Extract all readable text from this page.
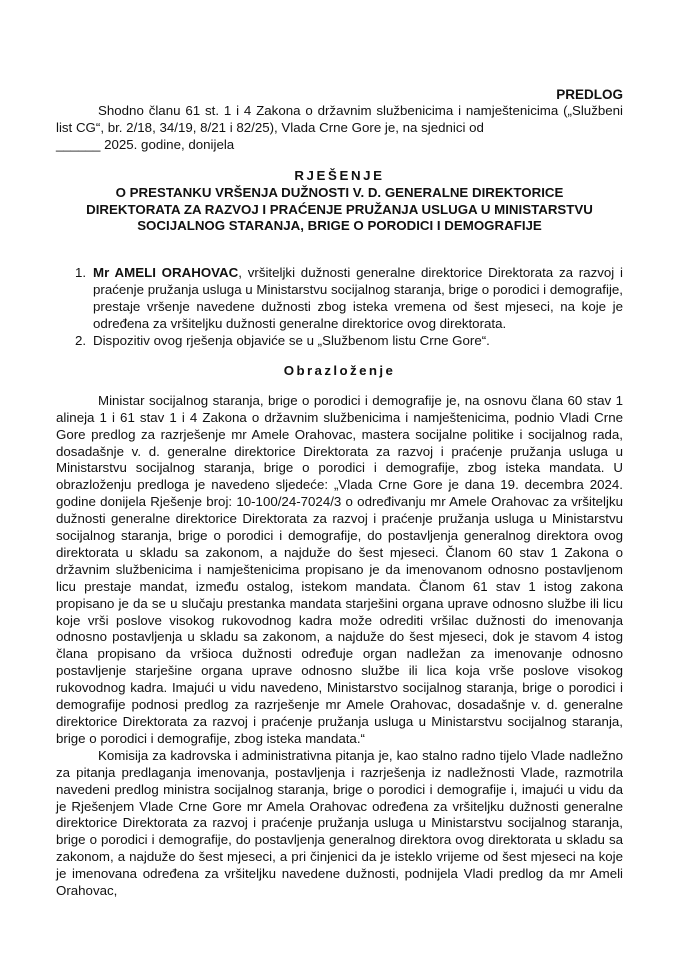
PREDLOG

Shodno članu 61 st. 1 i 4 Zakona o državnim službenicima i namještenicima („Službeni list CG“, br. 2/18, 34/19, 8/21 i 82/25), Vlada Crne Gore je, na sjednici od
______ 2025. godine, donijela

RJEŠENJE

O PRESTANKU VRŠENJA DUŽNOSTI V. D. GENERALNE DIREKTORICE

DIREKTORATA ZA RAZVOJ I PRAĆENJE PRUŽANJA USLUGA U MINISTARSTVU

SOCIJALNOG STARANJA, BRIGE O PORODICI I DEMOGRAFIJE

1. Mr AMELI ORAHOVAC, vršiteljki dužnosti generalne direktorice Direktorata za razvoj i praćenje pružanja usluga u Ministarstvu socijalnog staranja, brige o porodici i demografije, prestaje vršenje navedene dužnosti zbog isteka vremena od šest mjeseci, na koje je određena za vršiteljku dužnosti generalne direktorice ovog direktorata.
2. Dispozitiv ovog rješenja objaviće se u „Službenom listu Crne Gore“.

Obrazloženje

Ministar socijalnog staranja, brige o porodici i demografije je, na osnovu člana 60 stav 1 alineja 1 i 61 stav 1 i 4 Zakona o državnim službenicima i namještenicima, podnio Vladi Crne Gore predlog za razrješenje mr Amele Orahovac, mastera socijalne politike i socijalnog rada, dosadašnje v. d. generalne direktorice Direktorata za razvoj i praćenje pružanja usluga u Ministarstvu socijalnog staranja, brige o porodici i demografije, zbog isteka mandata. U obrazloženju predloga je navedeno sljedeće: „Vlada Crne Gore je dana 19. decembra 2024. godine donijela Rješenje broj: 10-100/24-7024/3 o određivanju mr Amele Orahovac za vršiteljku dužnosti generalne direktorice Direktorata za razvoj i praćenje pružanja usluga u Ministarstvu socijalnog staranja, brige o porodici i demografije, do postavljenja generalnog direktora ovog direktorata u skladu sa zakonom, a najduže do šest mjeseci. Članom 60 stav 1 Zakona o državnim službenicima i namještenicima propisano je da imenovanom odnosno postavljenom licu prestaje mandat, između ostalog, istekom mandata. Članom 61 stav 1 istog zakona propisano je da se u slučaju prestanka mandata starješini organa uprave odnosno službe ili licu koje vrši poslove visokog rukovodnog kadra može odrediti vršilac dužnosti do imenovanja odnosno postavljenja u skladu sa zakonom, a najduže do šest mjeseci, dok je stavom 4 istog člana propisano da vršioca dužnosti određuje organ nadležan za imenovanje odnosno postavljenje starješine organa uprave odnosno službe ili lica koja vrše poslove visokog rukovodnog kadra. Imajući u vidu navedeno, Ministarstvo socijalnog staranja, brige o porodici i demografije podnosi predlog za razrješenje mr Amele Orahovac, dosadašnje v. d. generalne direktorice Direktorata za razvoj i praćenje pružanja usluga u Ministarstvu socijalnog staranja, brige o porodici i demografije, zbog isteka mandata.“

Komisija za kadrovska i administrativna pitanja je, kao stalno radno tijelo Vlade nadležno za pitanja predlaganja imenovanja, postavljenja i razrješenja iz nadležnosti Vlade, razmotrila navedeni predlog ministra socijalnog staranja, brige o porodici i demografije i, imajući u vidu da je Rješenjem Vlade Crne Gore mr Amela Orahovac određena za vršiteljku dužnosti generalne direktorice Direktorata za razvoj i praćenje pružanja usluga u Ministarstvu socijalnog staranja, brige o porodici i demografije, do postavljenja generalnog direktora ovog direktorata u skladu sa zakonom, a najduže do šest mjeseci, a pri činjenici da je isteklo vrijeme od šest mjeseci na koje je imenovana određena za vršiteljku navedene dužnosti, podnijela Vladi predlog da mr Ameli Orahovac,
